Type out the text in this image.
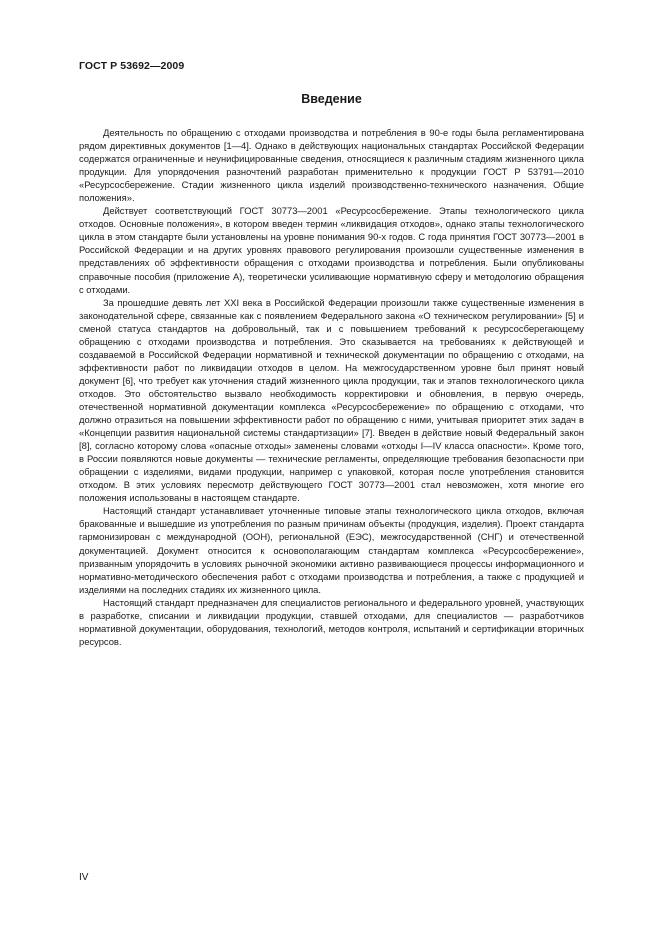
ГОСТ Р 53692—2009
Введение

Деятельность по обращению с отходами производства и потребления в 90-е годы была регламентирована рядом директивных документов [1—4]. Однако в действующих национальных стандартах Российской Федерации содержатся ограниченные и неунифицированные сведения, относящиеся к различным стадиям жизненного цикла продукции. Для упорядочения разночтений разработан применительно к продукции ГОСТ Р 53791—2010 «Ресурсосбережение. Стадии жизненного цикла изделий производственно-технического назначения. Общие положения».

Действует соответствующий ГОСТ 30773—2001 «Ресурсосбережение. Этапы технологического цикла отходов. Основные положения», в котором введен термин «ликвидация отходов», однако этапы технологического цикла в этом стандарте были установлены на уровне понимания 90-х годов. С года принятия ГОСТ 30773—2001 в Российской Федерации и на других уровнях правового регулирования произошли существенные изменения в представлениях об эффективности обращения с отходами производства и потребления. Были опубликованы справочные пособия (приложение А), теоретически усиливающие нормативную сферу и методологию обращения с отходами.

За прошедшие девять лет XXI века в Российской Федерации произошли также существенные изменения в законодательной сфере, связанные как с появлением Федерального закона «О техническом регулировании» [5] и сменой статуса стандартов на добровольный, так и с повышением требований к ресурсосберегающему обращению с отходами производства и потребления. Это сказывается на требованиях к действующей и создаваемой в Российской Федерации нормативной и технической документации по обращению с отходами, на эффективности работ по ликвидации отходов в целом. На межгосударственном уровне был принят новый документ [6], что требует как уточнения стадий жизненного цикла продукции, так и этапов технологического цикла отходов. Это обстоятельство вызвало необходимость корректировки и обновления, в первую очередь, отечественной нормативной документации комплекса «Ресурсосбережение» по обращению с отходами, что должно отразиться на повышении эффективности работ по обращению с ними, учитывая приоритет этих задач в «Концепции развития национальной системы стандартизации» [7]. Введен в действие новый Федеральный закон [8], согласно которому слова «опасные отходы» заменены словами «отходы I—IV класса опасности». Кроме того, в России появляются новые документы — технические регламенты, определяющие требования безопасности при обращении с изделиями, видами продукции, например с упаковкой, которая после употребления становится отходом. В этих условиях пересмотр действующего ГОСТ 30773—2001 стал невозможен, хотя многие его положения использованы в настоящем стандарте.

Настоящий стандарт устанавливает уточненные типовые этапы технологического цикла отходов, включая бракованные и вышедшие из употребления по разным причинам объекты (продукция, изделия). Проект стандарта гармонизирован с международной (ООН), региональной (ЕЭС), межгосударственной (СНГ) и отечественной документацией. Документ относится к основополагающим стандартам комплекса «Ресурсосбережение», призванным упорядочить в условиях рыночной экономики активно развивающиеся процессы информационного и нормативно-методического обеспечения работ с отходами производства и потребления, а также с продукцией и изделиями на последних стадиях их жизненного цикла.

Настоящий стандарт предназначен для специалистов регионального и федерального уровней, участвующих в разработке, списании и ликвидации продукции, ставшей отходами, для специалистов — разработчиков нормативной документации, оборудования, технологий, методов контроля, испытаний и сертификации вторичных ресурсов.

IV
